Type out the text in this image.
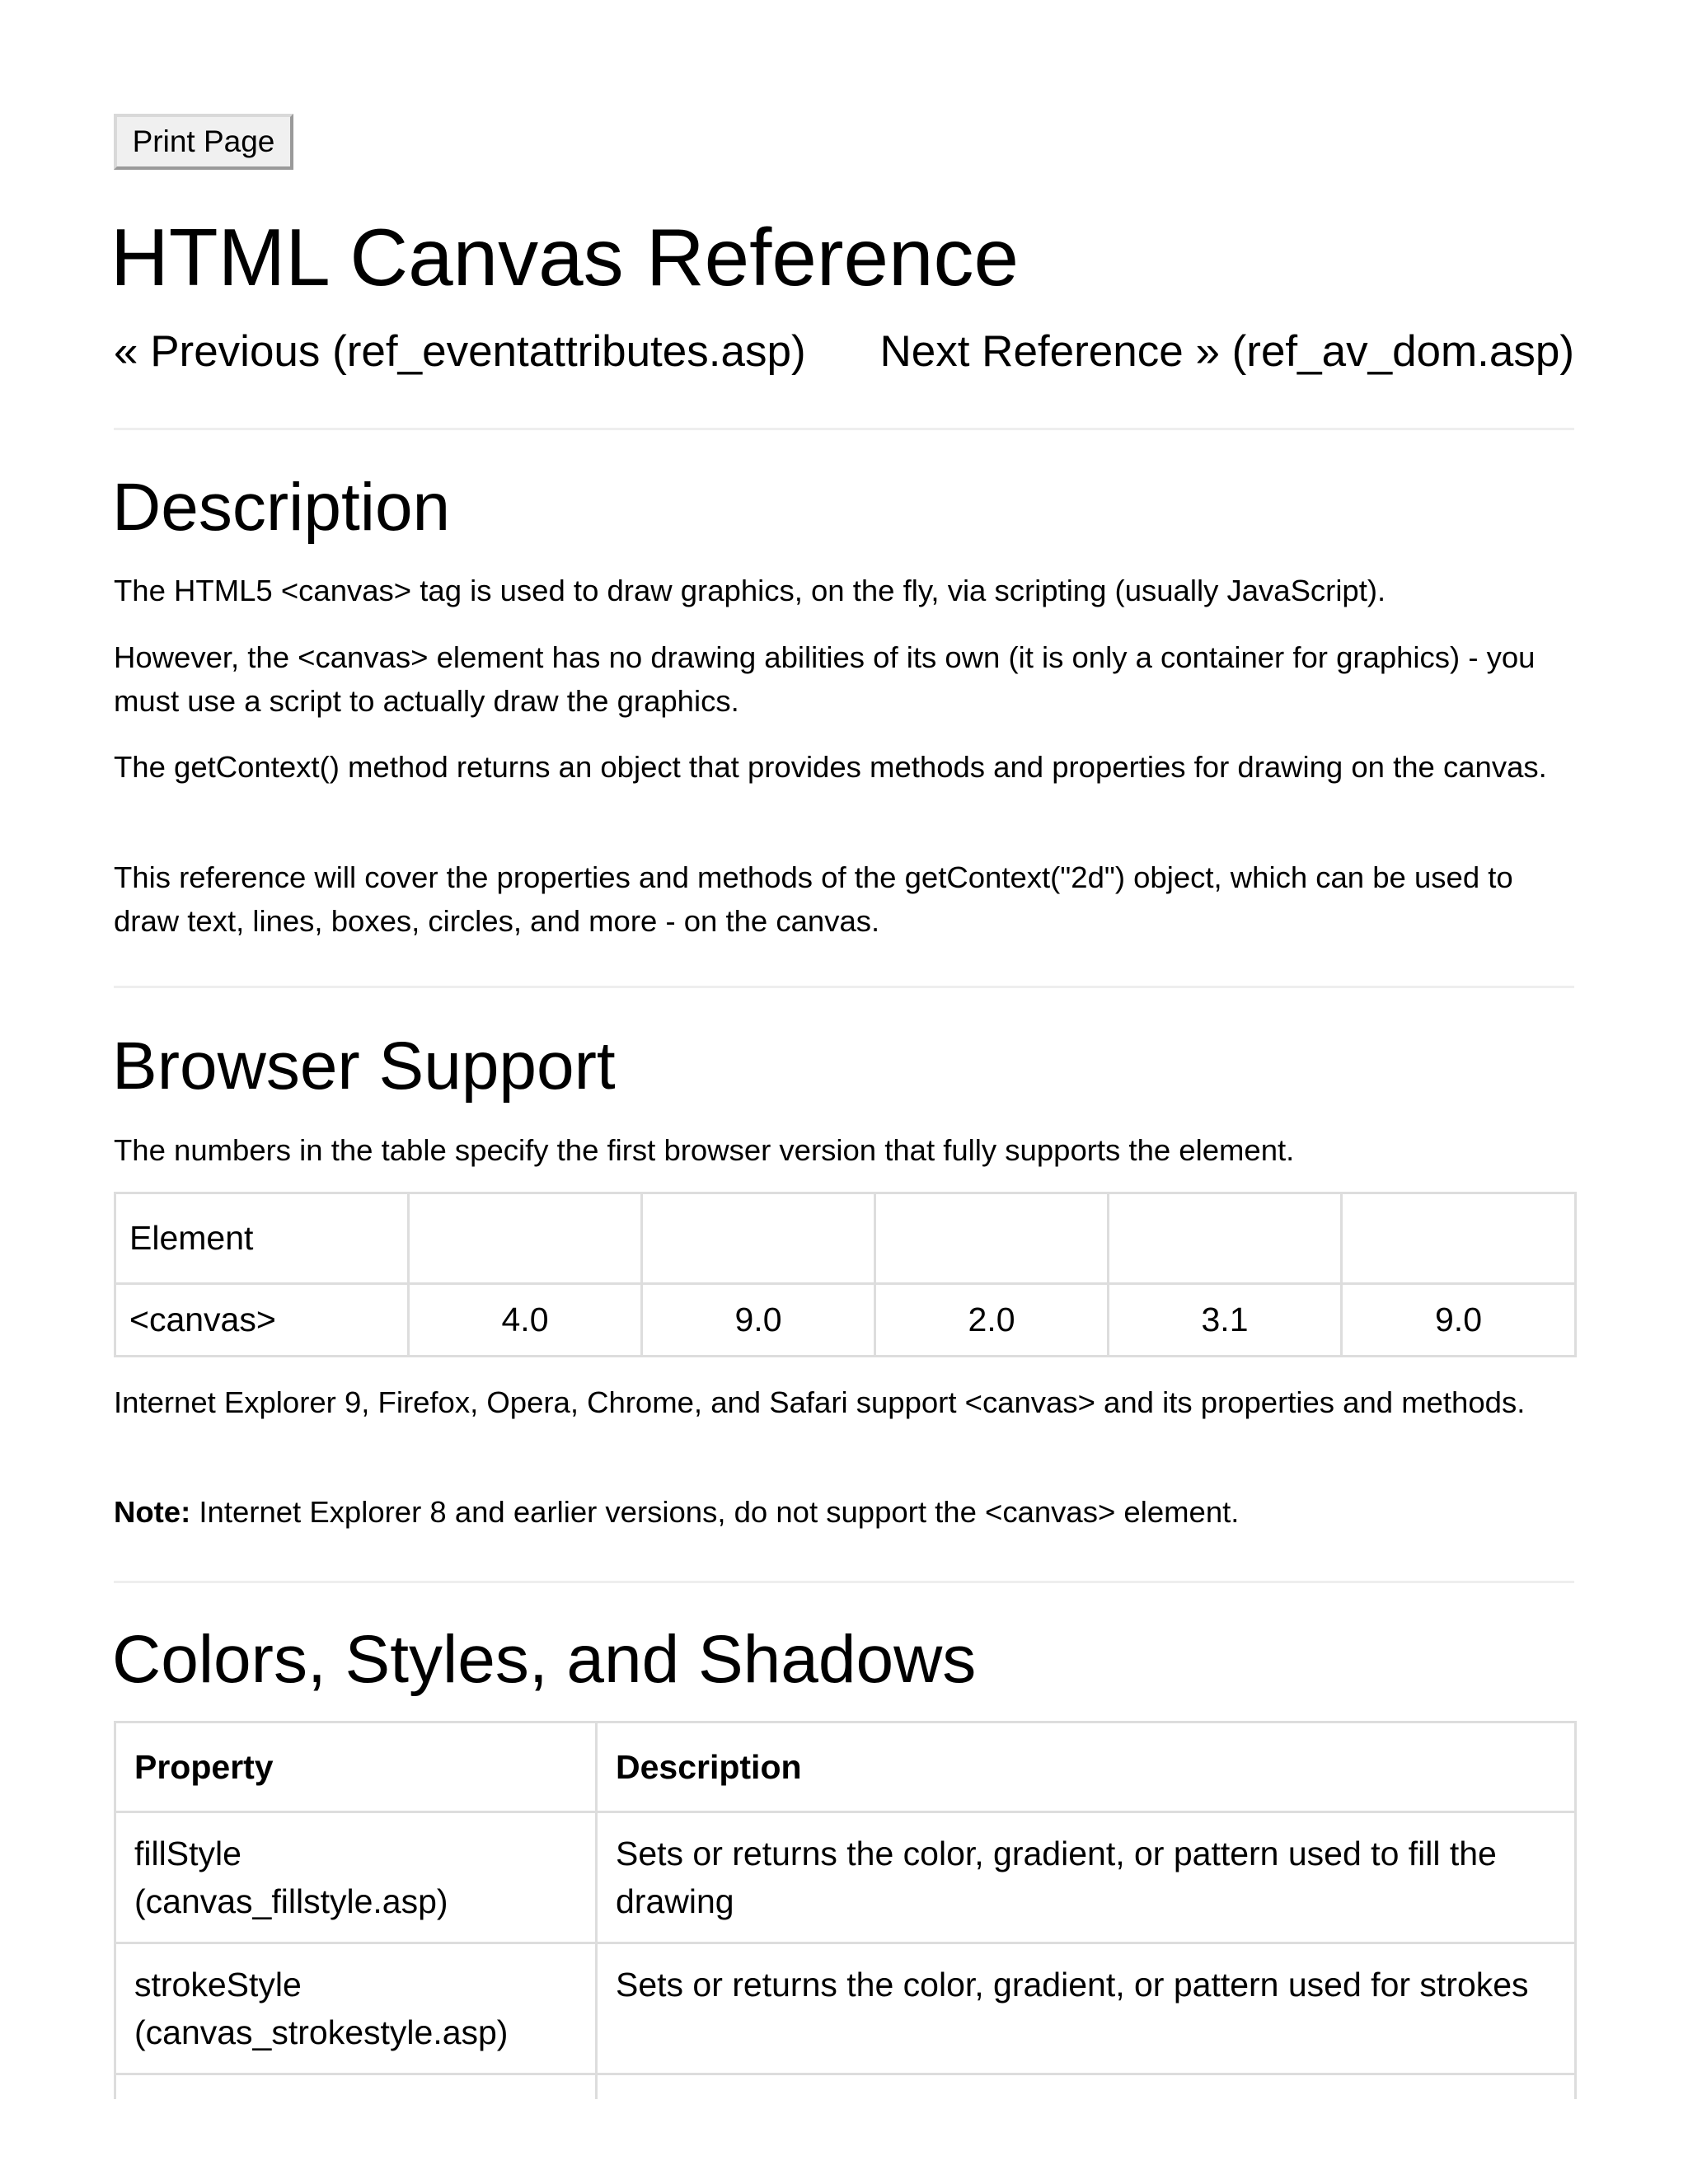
Print Page
HTML Canvas Reference
« Previous (ref_eventattributes.asp) Next Reference » (ref_av_dom.asp)
Description

The HTML5 <canvas> tag is used to draw graphics, on the fly, via scripting (usually JavaScript).

However, the <canvas> element has no drawing abilities of its own (it is only a container for graphics) - you must use a script to actually draw the graphics.

The getContext() method returns an object that provides methods and properties for drawing on the canvas.

This reference will cover the properties and methods of the getContext("2d") object, which can be used to draw text, lines, boxes, circles, and more - on the canvas.

Browser Support

The numbers in the table specify the first browser version that fully supports the element.

Element					
<canvas>	4.0	9.0	2.0	3.1	9.0

Internet Explorer 9, Firefox, Opera, Chrome, and Safari support <canvas> and its properties and methods.

Note: Internet Explorer 8 and earlier versions, do not support the <canvas> element.

Colors, Styles, and Shadows
Property	Description

fillStyle
(canvas_fillstyle.asp)	Sets or returns the color, gradient, or pattern used to fill the drawing

strokeStyle
(canvas_strokestyle.asp)	Sets or returns the color, gradient, or pattern used for strokes
